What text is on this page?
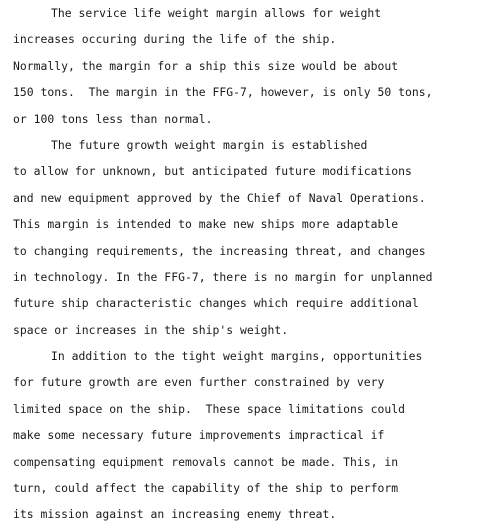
The service life weight margin allows for weight
increases occuring during the life of the ship.
Normally, the margin for a ship this size would be about
150 tons.  The margin in the FFG-7, however, is only 50 tons,
or 100 tons less than normal.

The future growth weight margin is established
to allow for unknown, but anticipated future modifications
and new equipment approved by the Chief of Naval Operations.
This margin is intended to make new ships more adaptable
to changing requirements, the increasing threat, and changes
in technology. In the FFG-7, there is no margin for unplanned
future ship characteristic changes which require additional
space or increases in the ship's weight.

In addition to the tight weight margins, opportunities
for future growth are even further constrained by very
limited space on the ship.  These space limitations could
make some necessary future improvements impractical if
compensating equipment removals cannot be made. This, in
turn, could affect the capability of the ship to perform
its mission against an increasing enemy threat.
